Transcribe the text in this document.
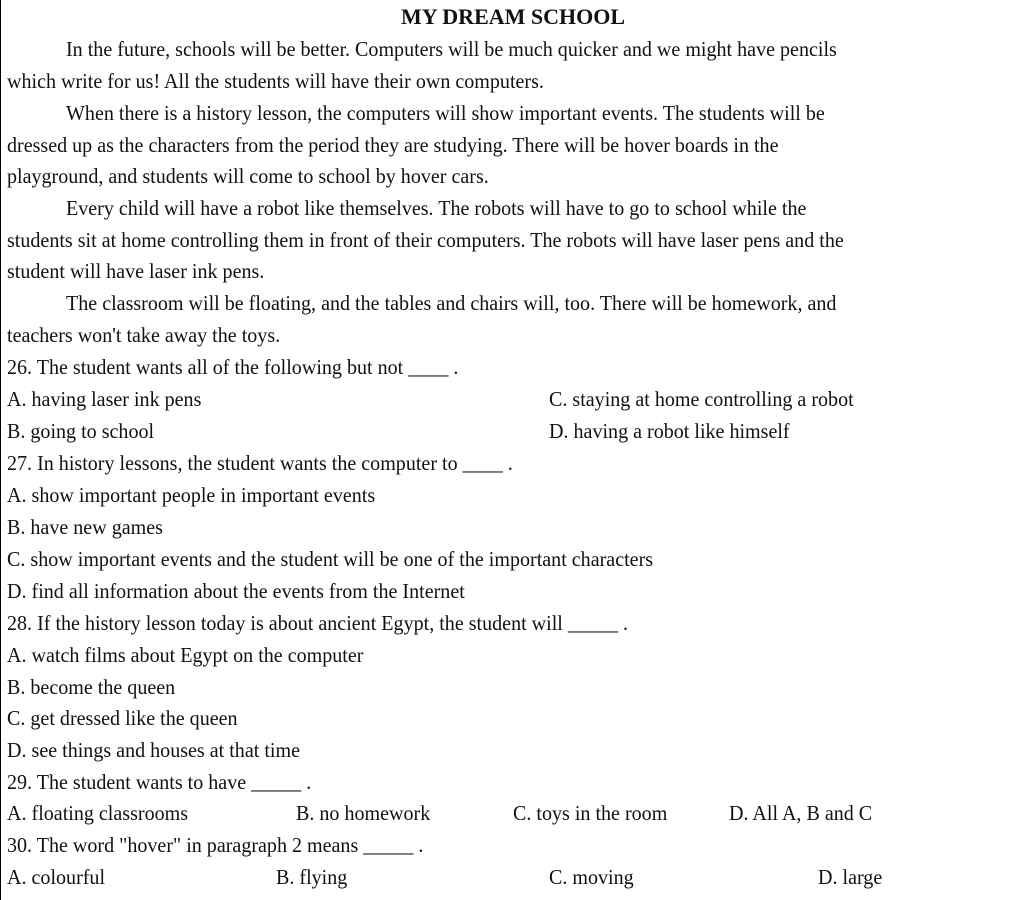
MY DREAM SCHOOL
In the future, schools will be better. Computers will be much quicker and we might have pencils
which write for us! All the students will have their own computers.
When there is a history lesson, the computers will show important events. The students will be
dressed up as the characters from the period they are studying. There will be hover boards in the
playground, and students will come to school by hover cars.
Every child will have a robot like themselves. The robots will have to go to school while the
students sit at home controlling them in front of their computers. The robots will have laser pens and the
student will have laser ink pens.
The classroom will be floating, and the tables and chairs will, too. There will be homework, and
teachers won't take away the toys.
26. The student wants all of the following but not ____ .
A. having laser ink pens	C. staying at home controlling a robot
B. going to school	D. having a robot like himself
27. In history lessons, the student wants the computer to ____ .
A. show important people in important events
B. have new games
C. show important events and the student will be one of the important characters
D. find all information about the events from the Internet
28. If the history lesson today is about ancient Egypt, the student will _____ .
A. watch films about Egypt on the computer
B. become the queen
C. get dressed like the queen
D. see things and houses at that time
29. The student wants to have _____ .
A. floating classrooms	B. no homework	C. toys in the room	D. All A, B and C
30. The word "hover" in paragraph 2 means _____ .
A. colourful	B. flying	C. moving	D. large
